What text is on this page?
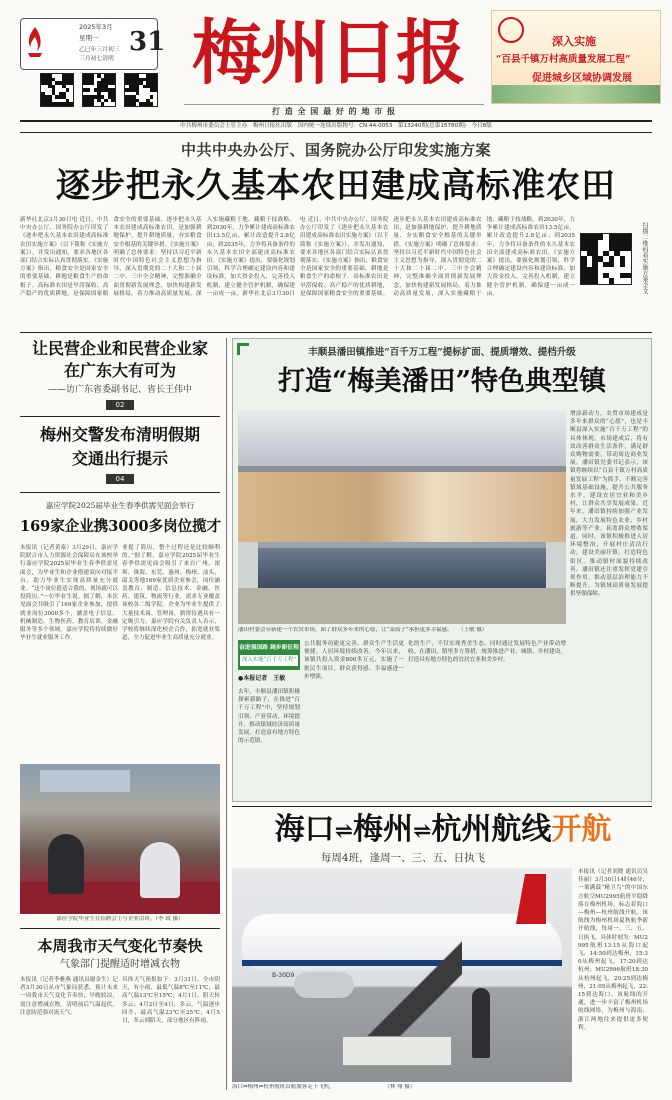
2025年3月
星期一
乙巳年三月初三
三月初七清明
31 梅州日报
打 造 全 国 最 好 的 地 市 报
深入实施
“百县千镇万村高质量发展工程”
促进城乡区域协调发展
中共梅州市委员会主管主办　梅州日报社出版　国内统一连续出版物号：CN 44-0053　第13240期(总第15780期)　今日8版
中共中央办公厅、国务院办公厅印发实施方案
逐步把永久基本农田建成高标准农田
新华社北京3月30日电 近日，中共中央办公厅、国务院办公厅印发了《逐步把永久基本农田建成高标准农田实施方案》（以下简称《实施方案》），并发出通知，要求各地区各部门结合实际认真贯彻落实。《实施方案》指出，粮食安全是国家安全的重要基础，耕地是粮食生产的命根子。高标准农田是旱涝保收、高产稳产的优质耕地，是保障国家粮食安全的重要基础。逐步把永久基本农田建成高标准农田，是加强耕地保护、提升耕地质量、夯实粮食安全根基的关键举措。《实施方案》明确了总体要求：坚持以习近平新时代中国特色社会主义思想为指导，深入贯彻党的二十大和二十届二中、三中全会精神，完整准确全面贯彻新发展理念，加快构建新发展格局，着力推动高质量发展，深入实施藏粮于地、藏粮于技战略。到2030年，力争累计建成高标准农田13.5亿亩，累计改造提升2.8亿亩；到2035年，力争将具备条件的永久基本农田全部建成高标准农田。《实施方案》提出，要强化规划引领，科学合理确定建设内容和建设标准，加大资金投入，完善投入机制，建立健全管护机制，确保建一亩成一亩。新华社北京3月30日电 近日，中共中央办公厅、国务院办公厅印发了《逐步把永久基本农田建成高标准农田实施方案》（以下简称《实施方案》），并发出通知，要求各地区各部门结合实际认真贯彻落实。《实施方案》指出，粮食安全是国家安全的重要基础，耕地是粮食生产的命根子。高标准农田是旱涝保收、高产稳产的优质耕地，是保障国家粮食安全的重要基础。逐步把永久基本农田建成高标准农田，是加强耕地保护、提升耕地质量、夯实粮食安全根基的关键举措。《实施方案》明确了总体要求：坚持以习近平新时代中国特色社会主义思想为指导，深入贯彻党的二十大和二十届二中、三中全会精神，完整准确全面贯彻新发展理念，加快构建新发展格局，着力推动高质量发展，深入实施藏粮于地、藏粮于技战略。到2030年，力争累计建成高标准农田13.5亿亩，累计改造提升2.8亿亩；到2035年，力争将具备条件的永久基本农田全部建成高标准农田。《实施方案》提出，要强化规划引领，科学合理确定建设内容和建设标准，加大资金投入，完善投入机制，建立健全管护机制，确保建一亩成一亩。	扫描二维码看实施方案全文
让民营企业和民营企业家
在广东大有可为
——访广东省委副书记、省长王伟中
02
梅州交警发布清明假期
交通出行提示
04
嘉应学院2025届毕业生春季供需见面会举行
169家企业携3000多岗位揽才
本报讯（记者黄泰）3月29日，嘉应学院联合市人力资源社会保障局在该校举行嘉应学院2025届毕业生春季供需见面会，为毕业生和企业搭建双向对接平台，助力毕业生实现高质量充分就业。“这个岗位挺适合我的，现场就可以投简历。”一位毕业生说。据了解，本次见面会共吸引了169家企业参加，提供就业岗位3000多个，涵盖电子信息、机械制造、生物医药、教育培训、金融服务等多个领域。嘉应学院将持续做好毕业生就业服务工作。
业提了简历，整个过程还是比较顺利的。”据了解，嘉应学院2025届毕业生春季供需见面会吸引了来自广州、深圳、珠海、东莞、惠州、梅州、汕头、韶关等地169家优质企业参会，岗位涵盖教育、制造、信息技术、金融、医药、建筑、物流等行业，需求专业覆盖该校各二级学院。企业为毕业生提供了大量技术岗、管理岗，薪资待遇具有一定吸引力。嘉应学院有关负责人表示，学校将继续深化校企合作，拓宽就业渠道，全力促进毕业生高质量充分就业。
嘉应学院毕业生在招聘会上与企业洽谈。（李 政 摄）
本周我市天气变化节奏快
气象部门提醒适时增减衣物
本报讯（记者李雅燕 通讯员谢金生）记者3月30日从市气象局获悉，预计未来一周我市天气变化节奏快，早晚较凉，需注意增减衣物。清明前后气温起伏，注意防范强对流天气。
具体天气预报如下：3月31日，全市阴天，有小雨，最低气温8℃至11℃，最高气温13℃至15℃；4月1日，阴天转多云；4月2日至4日，多云，气温逐步回升，最高气温23℃至25℃；4月5日，多云到阴天，部分地区有阵雨。
丰顺县潘田镇推进“百千万工程”提标扩面、提质增效、提档升级
打造“梅美潘田”特色典型镇
潘田村委会旁新建一个农贸市场，面了群众多年来的心愿，让“菜篮子”承担更多幸福感。　　（王敏 摄）
奋进强国路 阔步新征程
深入实施“百千万工程”
●本报记者　王敏
去年，丰顺县潘田镇积极探索新路子，在推进“百千万工程”中，坚持规划引领、产业带动、环境提升，推动镇域经济高质量发展，打造富有地方特色的示范镇。
公共服务功能更完善，群众生产生活更便捷。人居环境持续改善，今年以来，该镇共投入资金800多万元，实施了一批民生项目，群众获得感、幸福感进一步增强。
化的生产，不仅实现秀美生态，同时通过发展特色产业带动增收。在潘田，镇里多方筹措，统筹推进产业、城镇、乡村建设，打造具有地方特色的宜居宜业和美乡村。
增添新动力。农贸市场建成是多年来群众的“心愿”，也是丰顺县深入实施“百千万工程”的具体体现。市场建成后，将有效改善群众生活条件，满足群众购物需要，带动周边商业发展。潘田镇党委书记表示，该镇将继续以“百县千镇万村高质量发展工程”为抓手，不断完善镇域基础设施，提升公共服务水平，建设宜居宜业和美乡村，让群众共享发展成果。近年来，潘田镇持续加强产业发展，大力发展特色农业、乡村旅游等产业，拓宽群众增收渠道。同时，该镇积极推进人居环境整治，开展村庄清洁行动，建设美丽圩镇，打造特色街区，推动镇村面貌持续改善。潘田镇还注重发挥党建引领作用，推动基层治理能力不断提升，为镇域高质量发展提供坚强保障。
海口⇌梅州⇌杭州航线开航
每周4班，逢周一、三、五、日执飞
B-30D9
海口⇌梅州⇌杭州航班首航旅客走下飞机。　　　　　　　　　　（林 翔 摄）
本报讯（记者刘晓 通讯员吴佳丽）3月30日14时46分，一架满载“精卫鸟”的中国东方航空MU2995航班平稳降落在梅州机场，标志着海口—梅州—杭州航线开航。该航线为梅州机场夏秋航季新开航线，每周一、三、五、日执飞。具体时刻为：MU2995航班13:15从海口起飞，14:50到达梅州，15:30从梅州起飞，17:20到达杭州；MU2996航班18:30从杭州起飞，20:25到达梅州，21:05从梅州起飞，22:15到达海口。该航线的开通，进一步丰富了梅州机场航线网络，为梅州与海南、浙江两地往来提供更多便利。
